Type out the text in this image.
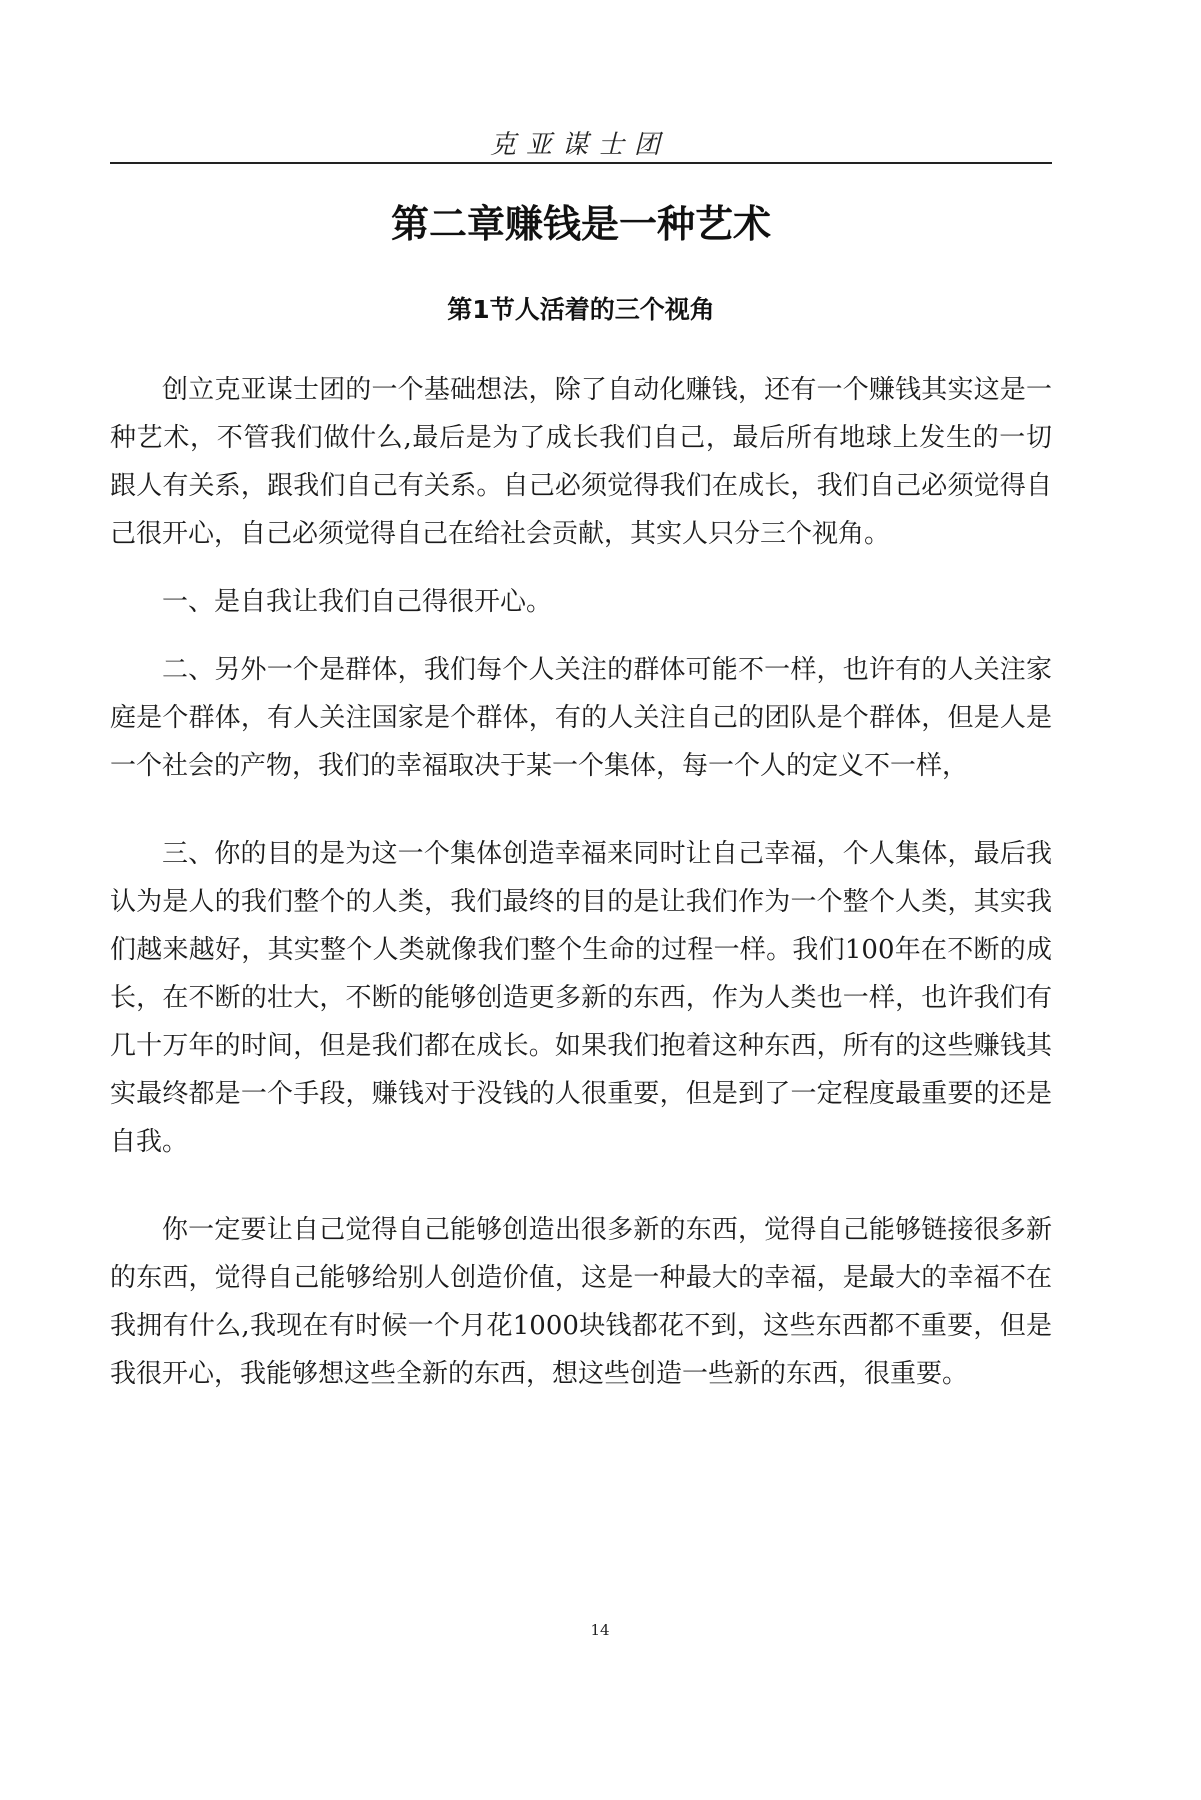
克亚谋士团
第二章赚钱是一种艺术
第1节人活着的三个视角

创立克亚谋士团的一个基础想法，除了自动化赚钱，还有一个赚钱其实这是一种艺术，不管我们做什么,最后是为了成长我们自己，最后所有地球上发生的一切跟人有关系，跟我们自己有关系。自己必须觉得我们在成长，我们自己必须觉得自己很开心，自己必须觉得自己在给社会贡献，其实人只分三个视角。

一、是自我让我们自己得很开心。

二、另外一个是群体，我们每个人关注的群体可能不一样，也许有的人关注家庭是个群体，有人关注国家是个群体，有的人关注自己的团队是个群体，但是人是一个社会的产物，我们的幸福取决于某一个集体，每一个人的定义不一样，

三、你的目的是为这一个集体创造幸福来同时让自己幸福，个人集体，最后我认为是人的我们整个的人类，我们最终的目的是让我们作为一个整个人类，其实我们越来越好，其实整个人类就像我们整个生命的过程一样。我们100年在不断的成长，在不断的壮大，不断的能够创造更多新的东西，作为人类也一样，也许我们有几十万年的时间，但是我们都在成长。如果我们抱着这种东西，所有的这些赚钱其实最终都是一个手段，赚钱对于没钱的人很重要，但是到了一定程度最重要的还是自我。

你一定要让自己觉得自己能够创造出很多新的东西，觉得自己能够链接很多新的东西，觉得自己能够给别人创造价值，这是一种最大的幸福，是最大的幸福不在我拥有什么,我现在有时候一个月花1000块钱都花不到，这些东西都不重要，但是我很开心，我能够想这些全新的东西，想这些创造一些新的东西，很重要。

14
